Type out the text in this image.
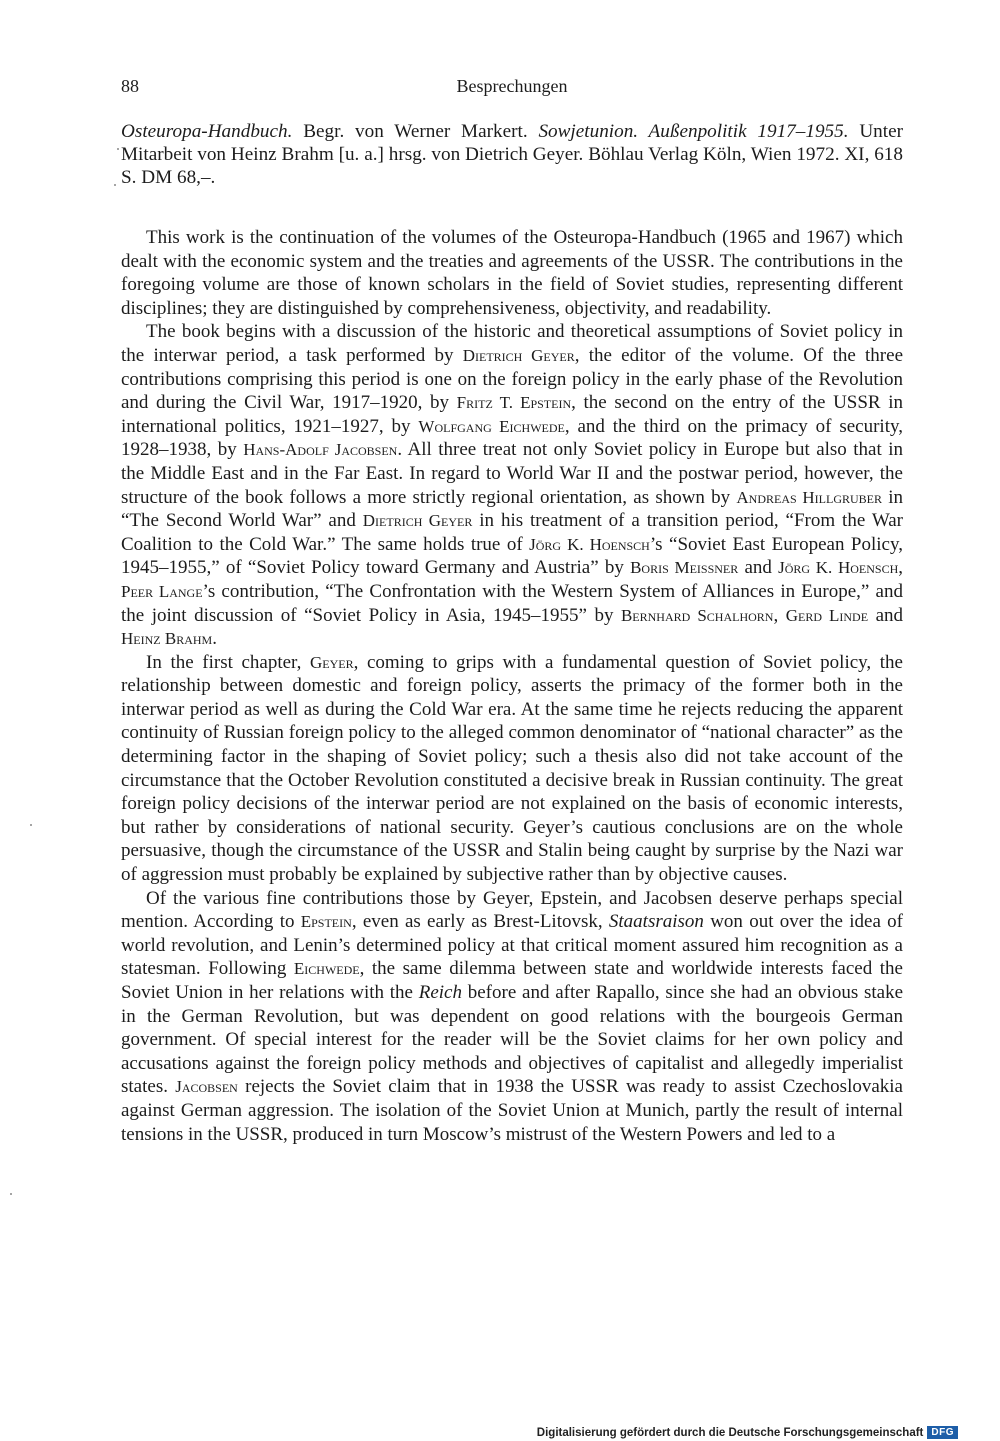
88	Besprechungen
Osteuropa-Handbuch. Begr. von Werner Markert. Sowjetunion. Außenpolitik 1917–1955. Unter Mitarbeit von Heinz Brahm [u. a.] hrsg. von Dietrich Geyer. Böhlau Verlag Köln, Wien 1972. XI, 618 S. DM 68,–.

This work is the continuation of the volumes of the Osteuropa-Handbuch (1965 and 1967) which dealt with the economic system and the treaties and agreements of the USSR. The contributions in the foregoing volume are those of known scholars in the field of Soviet studies, representing different disciplines; they are distinguished by comprehensiveness, objectivity, and readability.

The book begins with a discussion of the historic and theoretical assumptions of Soviet policy in the interwar period, a task performed by Dietrich Geyer, the editor of the volume. Of the three contributions comprising this period is one on the foreign policy in the early phase of the Revolution and during the Civil War, 1917–1920, by Fritz T. Epstein, the second on the entry of the USSR in international politics, 1921–1927, by Wolfgang Eichwede, and the third on the primacy of security, 1928–1938, by Hans-Adolf Jacobsen. All three treat not only Soviet policy in Europe but also that in the Middle East and in the Far East. In regard to World War II and the postwar period, however, the structure of the book follows a more strictly regional orientation, as shown by Andreas Hillgruber in “The Second World War” and Dietrich Geyer in his treatment of a transition period, “From the War Coalition to the Cold War.” The same holds true of Jörg K. Hoensch’s “Soviet East European Policy, 1945–1955,” of “Soviet Policy toward Germany and Austria” by Boris Meissner and Jörg K. Hoensch, Peer Lange’s contribution, “The Confrontation with the Western System of Alliances in Europe,” and the joint discussion of “Soviet Policy in Asia, 1945–1955” by Bernhard Schalhorn, Gerd Linde and Heinz Brahm.

In the first chapter, Geyer, coming to grips with a fundamental question of Soviet policy, the relationship between domestic and foreign policy, asserts the primacy of the former both in the interwar period as well as during the Cold War era. At the same time he rejects reducing the apparent continuity of Russian foreign policy to the alleged common denominator of “national character” as the determining factor in the shaping of Soviet policy; such a thesis also did not take account of the circumstance that the October Revolution constituted a decisive break in Russian continuity. The great foreign policy decisions of the interwar period are not explained on the basis of economic interests, but rather by considerations of national security. Geyer’s cautious conclusions are on the whole persuasive, though the circumstance of the USSR and Stalin being caught by surprise by the Nazi war of aggression must probably be explained by subjective rather than by objective causes.

Of the various fine contributions those by Geyer, Epstein, and Jacobsen deserve perhaps special mention. According to Epstein, even as early as Brest-Litovsk, Staatsraison won out over the idea of world revolution, and Lenin’s determined policy at that critical moment assured him recognition as a statesman. Following Eichwede, the same dilemma between state and worldwide interests faced the Soviet Union in her relations with the Reich before and after Rapallo, since she had an obvious stake in the German Revolution, but was dependent on good relations with the bourgeois German government. Of special interest for the reader will be the Soviet claims for her own policy and accusations against the foreign policy methods and objectives of capitalist and allegedly imperialist states. Jacobsen rejects the Soviet claim that in 1938 the USSR was ready to assist Czechoslovakia against German aggression. The isolation of the Soviet Union at Munich, partly the result of internal tensions in the USSR, produced in turn Moscow’s mistrust of the Western Powers and led to a

Digitalisierung gefördert durch die Deutsche Forschungsgemeinschaft DFG
